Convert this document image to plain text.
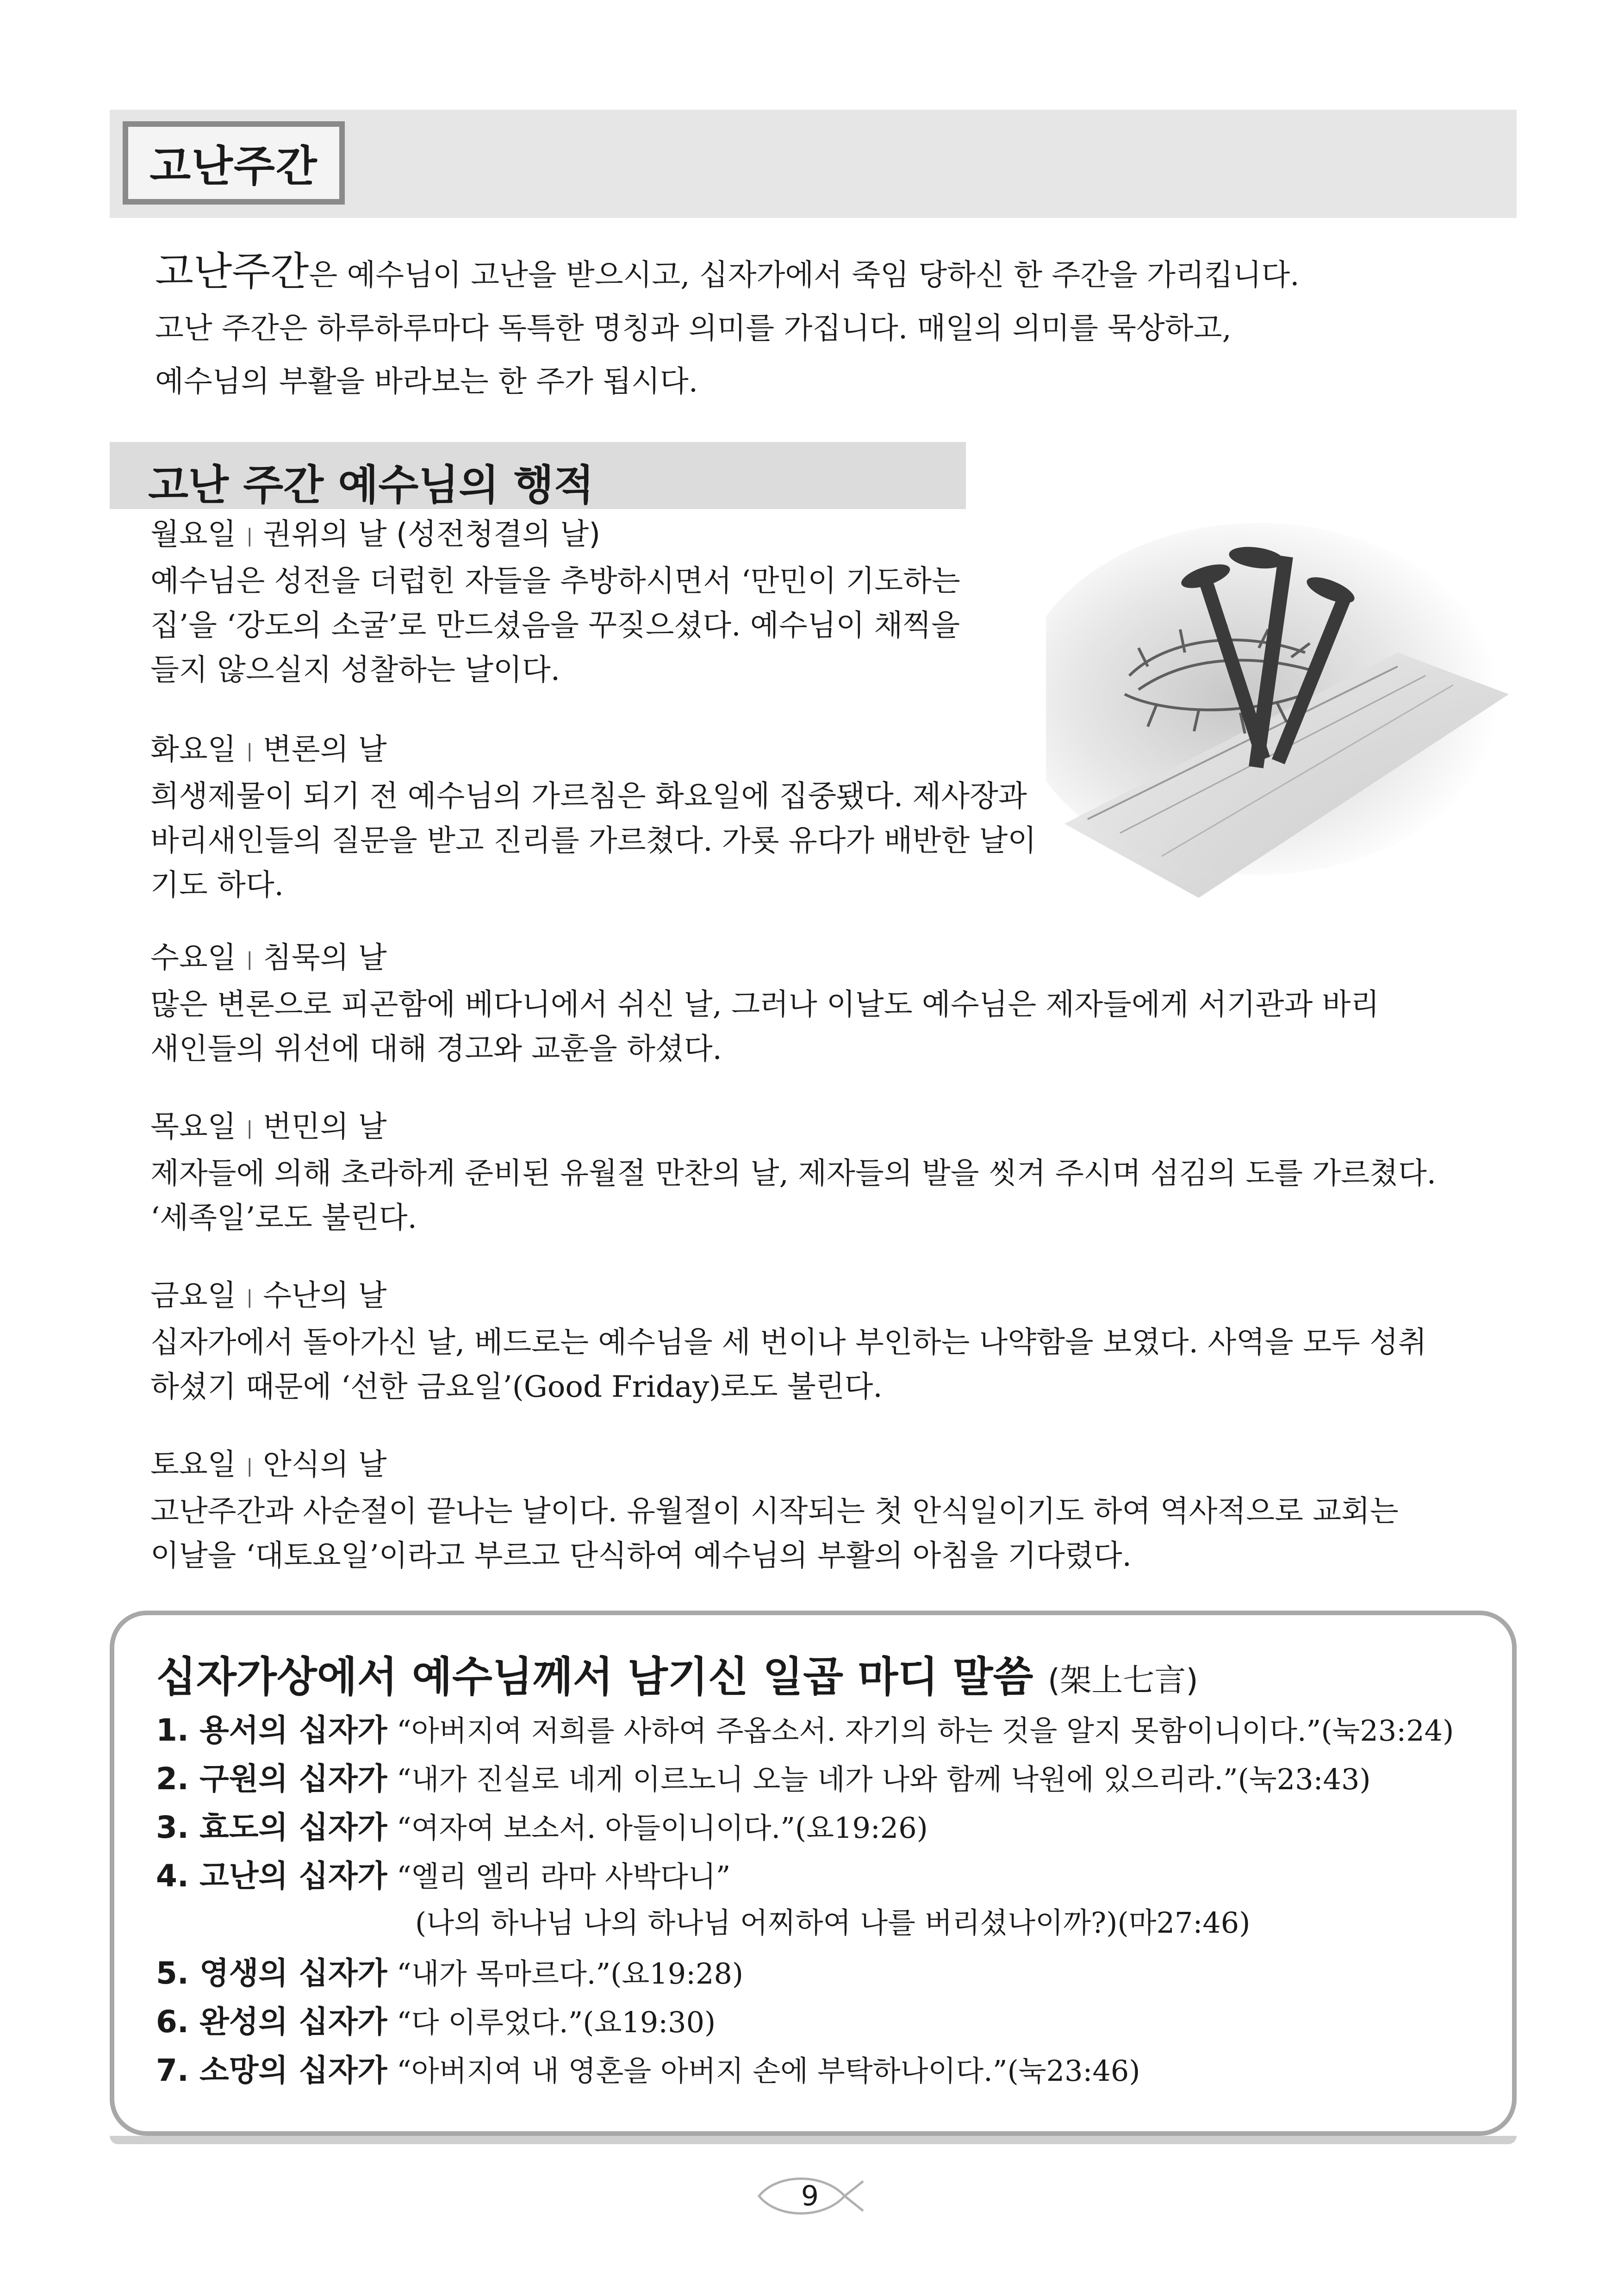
고난주간
고난주간은 예수님이 고난을 받으시고, 십자가에서 죽임 당하신 한 주간을 가리킵니다.
고난 주간은 하루하루마다 독특한 명칭과 의미를 가집니다. 매일의 의미를 묵상하고,
예수님의 부활을 바라보는 한 주가 됩시다.
고난 주간 예수님의 행적
월요일 | 권위의 날 (성전청결의 날)
예수님은 성전을 더럽힌 자들을 추방하시면서 ‘만민이 기도하는
집’을 ‘강도의 소굴’로 만드셨음을 꾸짖으셨다. 예수님이 채찍을
들지 않으실지 성찰하는 날이다.
화요일 | 변론의 날
희생제물이 되기 전 예수님의 가르침은 화요일에 집중됐다. 제사장과
바리새인들의 질문을 받고 진리를 가르쳤다. 가룟 유다가 배반한 날이
기도 하다.
수요일 | 침묵의 날
많은 변론으로 피곤함에 베다니에서 쉬신 날, 그러나 이날도 예수님은 제자들에게 서기관과 바리
새인들의 위선에 대해 경고와 교훈을 하셨다.
목요일 | 번민의 날
제자들에 의해 초라하게 준비된 유월절 만찬의 날, 제자들의 발을 씻겨 주시며 섬김의 도를 가르쳤다.
‘세족일’로도 불린다.
금요일 | 수난의 날
십자가에서 돌아가신 날, 베드로는 예수님을 세 번이나 부인하는 나약함을 보였다. 사역을 모두 성취
하셨기 때문에 ‘선한 금요일’(Good Friday)로도 불린다.
토요일 | 안식의 날
고난주간과 사순절이 끝나는 날이다. 유월절이 시작되는 첫 안식일이기도 하여 역사적으로 교회는
이날을 ‘대토요일’이라고 부르고 단식하여 예수님의 부활의 아침을 기다렸다.
십자가상에서 예수님께서 남기신 일곱 마디 말씀 (架上七言)
1. 용서의 십자가 “아버지여 저희를 사하여 주옵소서. 자기의 하는 것을 알지 못함이니이다.”(눅23:24)
2. 구원의 십자가 “내가 진실로 네게 이르노니 오늘 네가 나와 함께 낙원에 있으리라.”(눅23:43)
3. 효도의 십자가 “여자여 보소서. 아들이니이다.”(요19:26)
4. 고난의 십자가 “엘리 엘리 라마 사박다니”
(나의 하나님 나의 하나님 어찌하여 나를 버리셨나이까?)(마27:46)
5. 영생의 십자가 “내가 목마르다.”(요19:28)
6. 완성의 십자가 “다 이루었다.”(요19:30)
7. 소망의 십자가 “아버지여 내 영혼을 아버지 손에 부탁하나이다.”(눅23:46)
9
